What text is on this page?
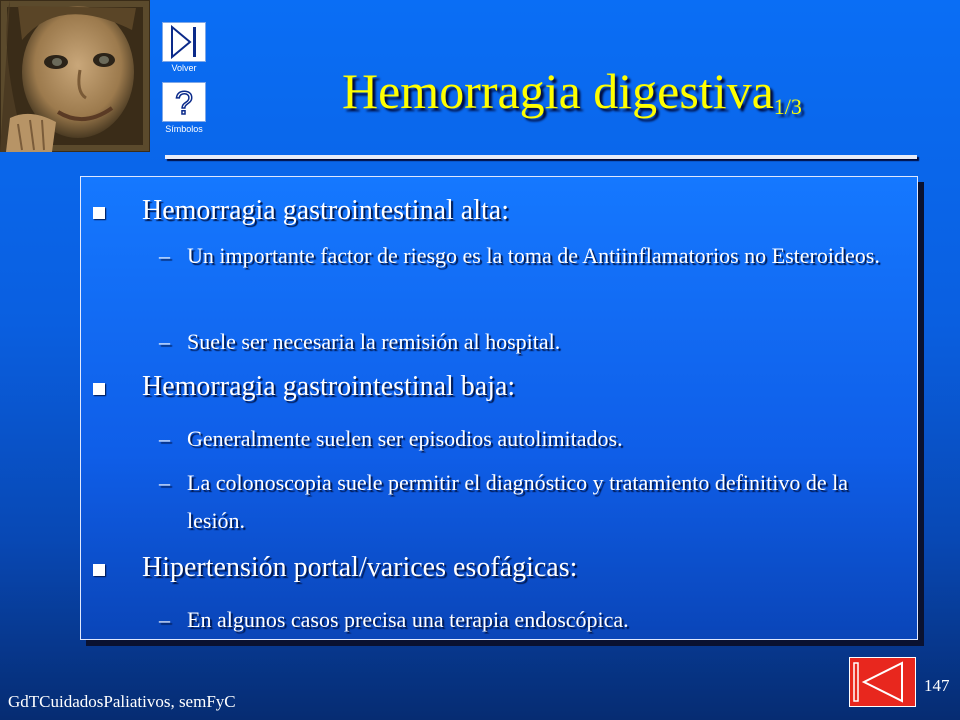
Volver
?
Símbolos
Hemorragia digestiva$_{1/3}$
Hemorragia gastrointestinal alta:
– Un importante factor de riesgo es la toma de Antiinflamatorios no Esteroideos.
– Suele ser necesaria la remisión al hospital.
Hemorragia gastrointestinal baja:
– Generalmente suelen ser episodios autolimitados.
– La colonoscopia suele permitir el diagnóstico y tratamiento definitivo de la lesión.
Hipertensión portal/varices esofágicas:
– En algunos casos precisa una terapia endoscópica.
GdTCuidadosPaliativos, semFyC
147
